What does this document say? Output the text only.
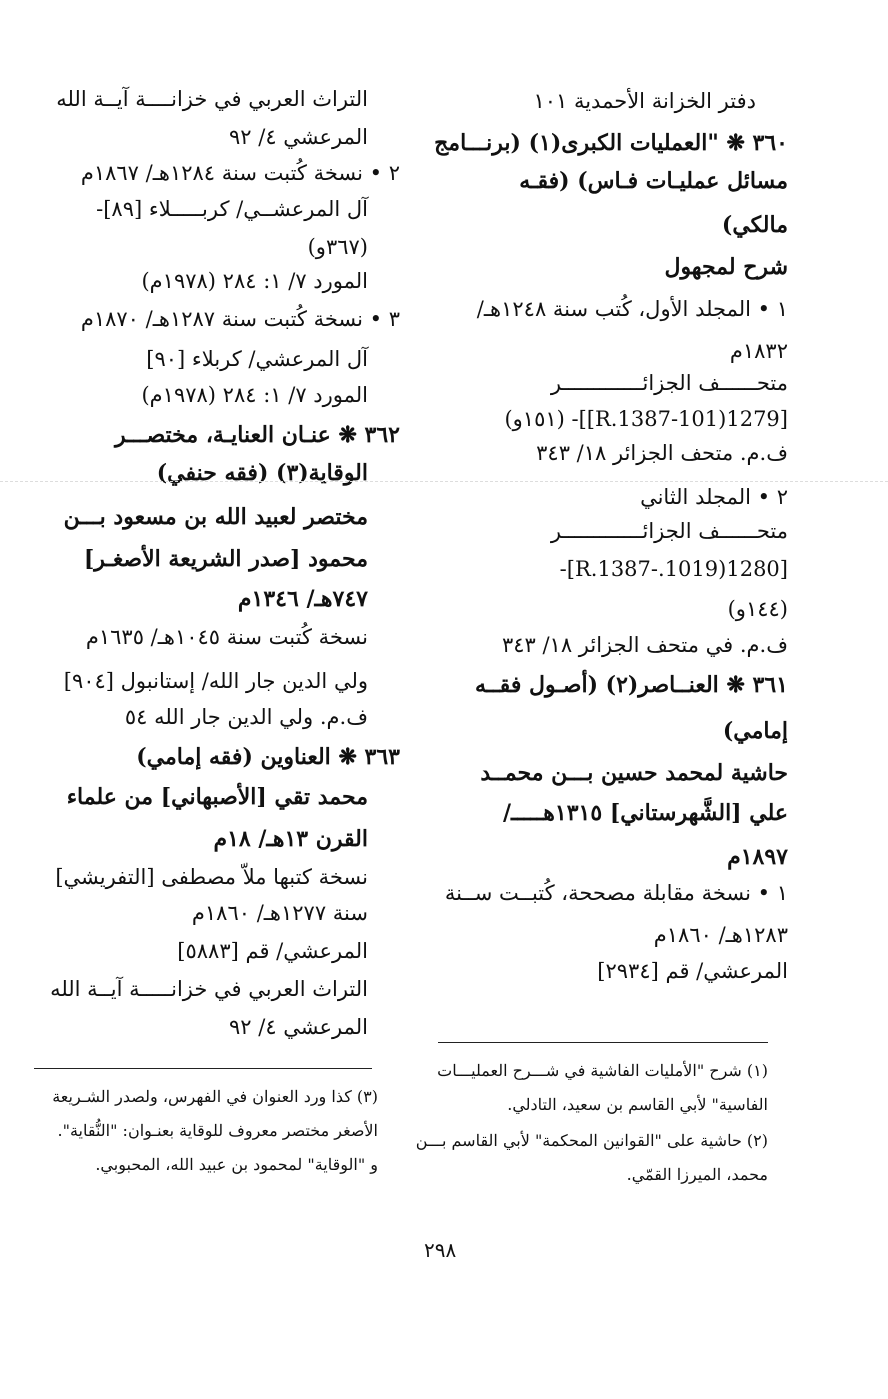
دفتر الخزانة الأحمدية ١٠١
٣٦٠ ❋ "العمليات الكبرى(١) (برنـــامج
مسائل عمليـات فـاس) (فقـه
مالكي)
شرح لمجهول
١ • المجلد الأول، كُتب سنة ١٢٤٨هـ/
١٨٣٢م
متحــــــف الجزائـــــــــــــر
[1279(101-R.1387]]- (١٥١و)
ف.م. متحف الجزائر ١٨/ ٣٤٣
٢ • المجلد الثاني
متحــــــف الجزائـــــــــــــر
[1280(1019.-R.1387]-
(١٤٤و)
ف.م. في متحف الجزائر ١٨/ ٣٤٣
٣٦١ ❋ العنــاصر(٢) (أصـول فقــه
إمامي)
حاشية لمحمد حسين بـــن محمــد
علي [الشَّهرستاني] ١٣١٥هـــــ/
١٨٩٧م
١ • نسخة مقابلة مصححة، كُتبــت ســنة
١٢٨٣هـ/ ١٨٦٠م
المرعشي/ قم [٢٩٣٤]
التراث العربي في خزانــــة آيــة الله
المرعشي ٤/ ٩٢
٢ • نسخة كُتبت سنة ١٢٨٤هـ/ ١٨٦٧م
آل المرعشــي/ كربـــــلاء [٨٩]-
(٣٦٧و)
المورد ٧/ ١: ٢٨٤ (١٩٧٨م)
٣ • نسخة كُتبت سنة ١٢٨٧هـ/ ١٨٧٠م
آل المرعشي/ كربلاء [٩٠]
المورد ٧/ ١: ٢٨٤ (١٩٧٨م)
٣٦٢ ❋ عنـان العنايـة، مختصـــر
الوقاية(٣) (فقه حنفي)
مختصر لعبيد الله بن مسعود بـــن
محمود [صدر الشريعة الأصغـر]
٧٤٧هـ/ ١٣٤٦م
نسخة كُتبت سنة ١٠٤٥هـ/ ١٦٣٥م
ولي الدين جار الله/ إستانبول [٩٠٤]
ف.م. ولي الدين جار الله ٥٤
٣٦٣ ❋ العناوين (فقه إمامي)
محمد تقي [الأصبهاني] من علماء
القرن ١٣هـ/ ١٨م
نسخة كتبها ملاّ مصطفى [التفريشي]
سنة ١٢٧٧هـ/ ١٨٦٠م
المرعشي/ قم [٥٨٨٣]
التراث العربي في خزانـــــة آيــة الله
المرعشي ٤/ ٩٢
(١) شرح "الأمليات الفاشية في شـــرح العمليـــات
الفاسية" لأبي القاسم بن سعيد، التادلي.
(٢) حاشية على "القوانين المحكمة" لأبي القاسم بـــن
محمد، الميرزا القمّي.
(٣) كذا ورد العنوان في الفهرس، ولصدر الشـريعة
الأصغر مختصر معروف للوقاية بعنـوان: "النُّقاية".
و "الوقاية" لمحمود بن عبيد الله، المحبوبي.
٢٩٨
